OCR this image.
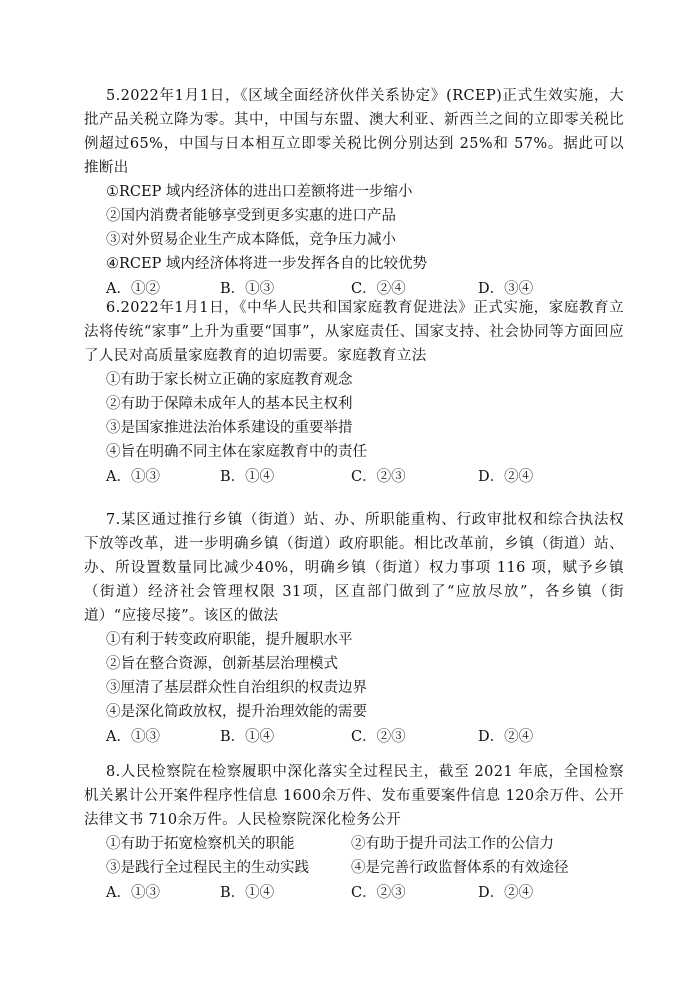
5.2022年1月1日，《区域全面经济伙伴关系协定》(RCEP)正式生效实施，大批产品关税立降为零。其中，中国与东盟、澳大利亚、新西兰之间的立即零关税比例超过65%，中国与日本相互立即零关税比例分别达到 25%和 57%。据此可以推断出

①RCEP 域内经济体的进出口差额将进一步缩小

②国内消费者能够享受到更多实惠的进口产品

③对外贸易企业生产成本降低，竞争压力减小

④RCEP 域内经济体将进一步发挥各自的比较优势

A．①②	B．①③	C．②④	D．③④

6.2022年1月1日，《中华人民共和国家庭教育促进法》正式实施，家庭教育立法将传统“家事”上升为重要“国事”，从家庭责任、国家支持、社会协同等方面回应了人民对高质量家庭教育的迫切需要。家庭教育立法

①有助于家长树立正确的家庭教育观念

②有助于保障未成年人的基本民主权利

③是国家推进法治体系建设的重要举措

④旨在明确不同主体在家庭教育中的责任

A．①③	B．①④	C．②③	D．②④

7.某区通过推行乡镇（街道）站、办、所职能重构、行政审批权和综合执法权下放等改革，进一步明确乡镇（街道）政府职能。相比改革前，乡镇（街道）站、办、所设置数量同比减少40%，明确乡镇（街道）权力事项 116 项，赋予乡镇（街道）经济社会管理权限 31项，区直部门做到了“应放尽放”，各乡镇（街道）“应接尽接”。该区的做法

①有利于转变政府职能，提升履职水平

②旨在整合资源，创新基层治理模式

③厘清了基层群众性自治组织的权责边界

④是深化简政放权，提升治理效能的需要

A．①③	B．①④	C．②③	D．②④

8.人民检察院在检察履职中深化落实全过程民主，截至 2021 年底，全国检察机关累计公开案件程序性信息 1600余万件、发布重要案件信息 120余万件、公开法律文书 710余万件。人民检察院深化检务公开

①有助于拓宽检察机关的职能	②有助于提升司法工作的公信力
③是践行全过程民主的生动实践	④是完善行政监督体系的有效途径
A．①③	B．①④	C．②③	D．②④
